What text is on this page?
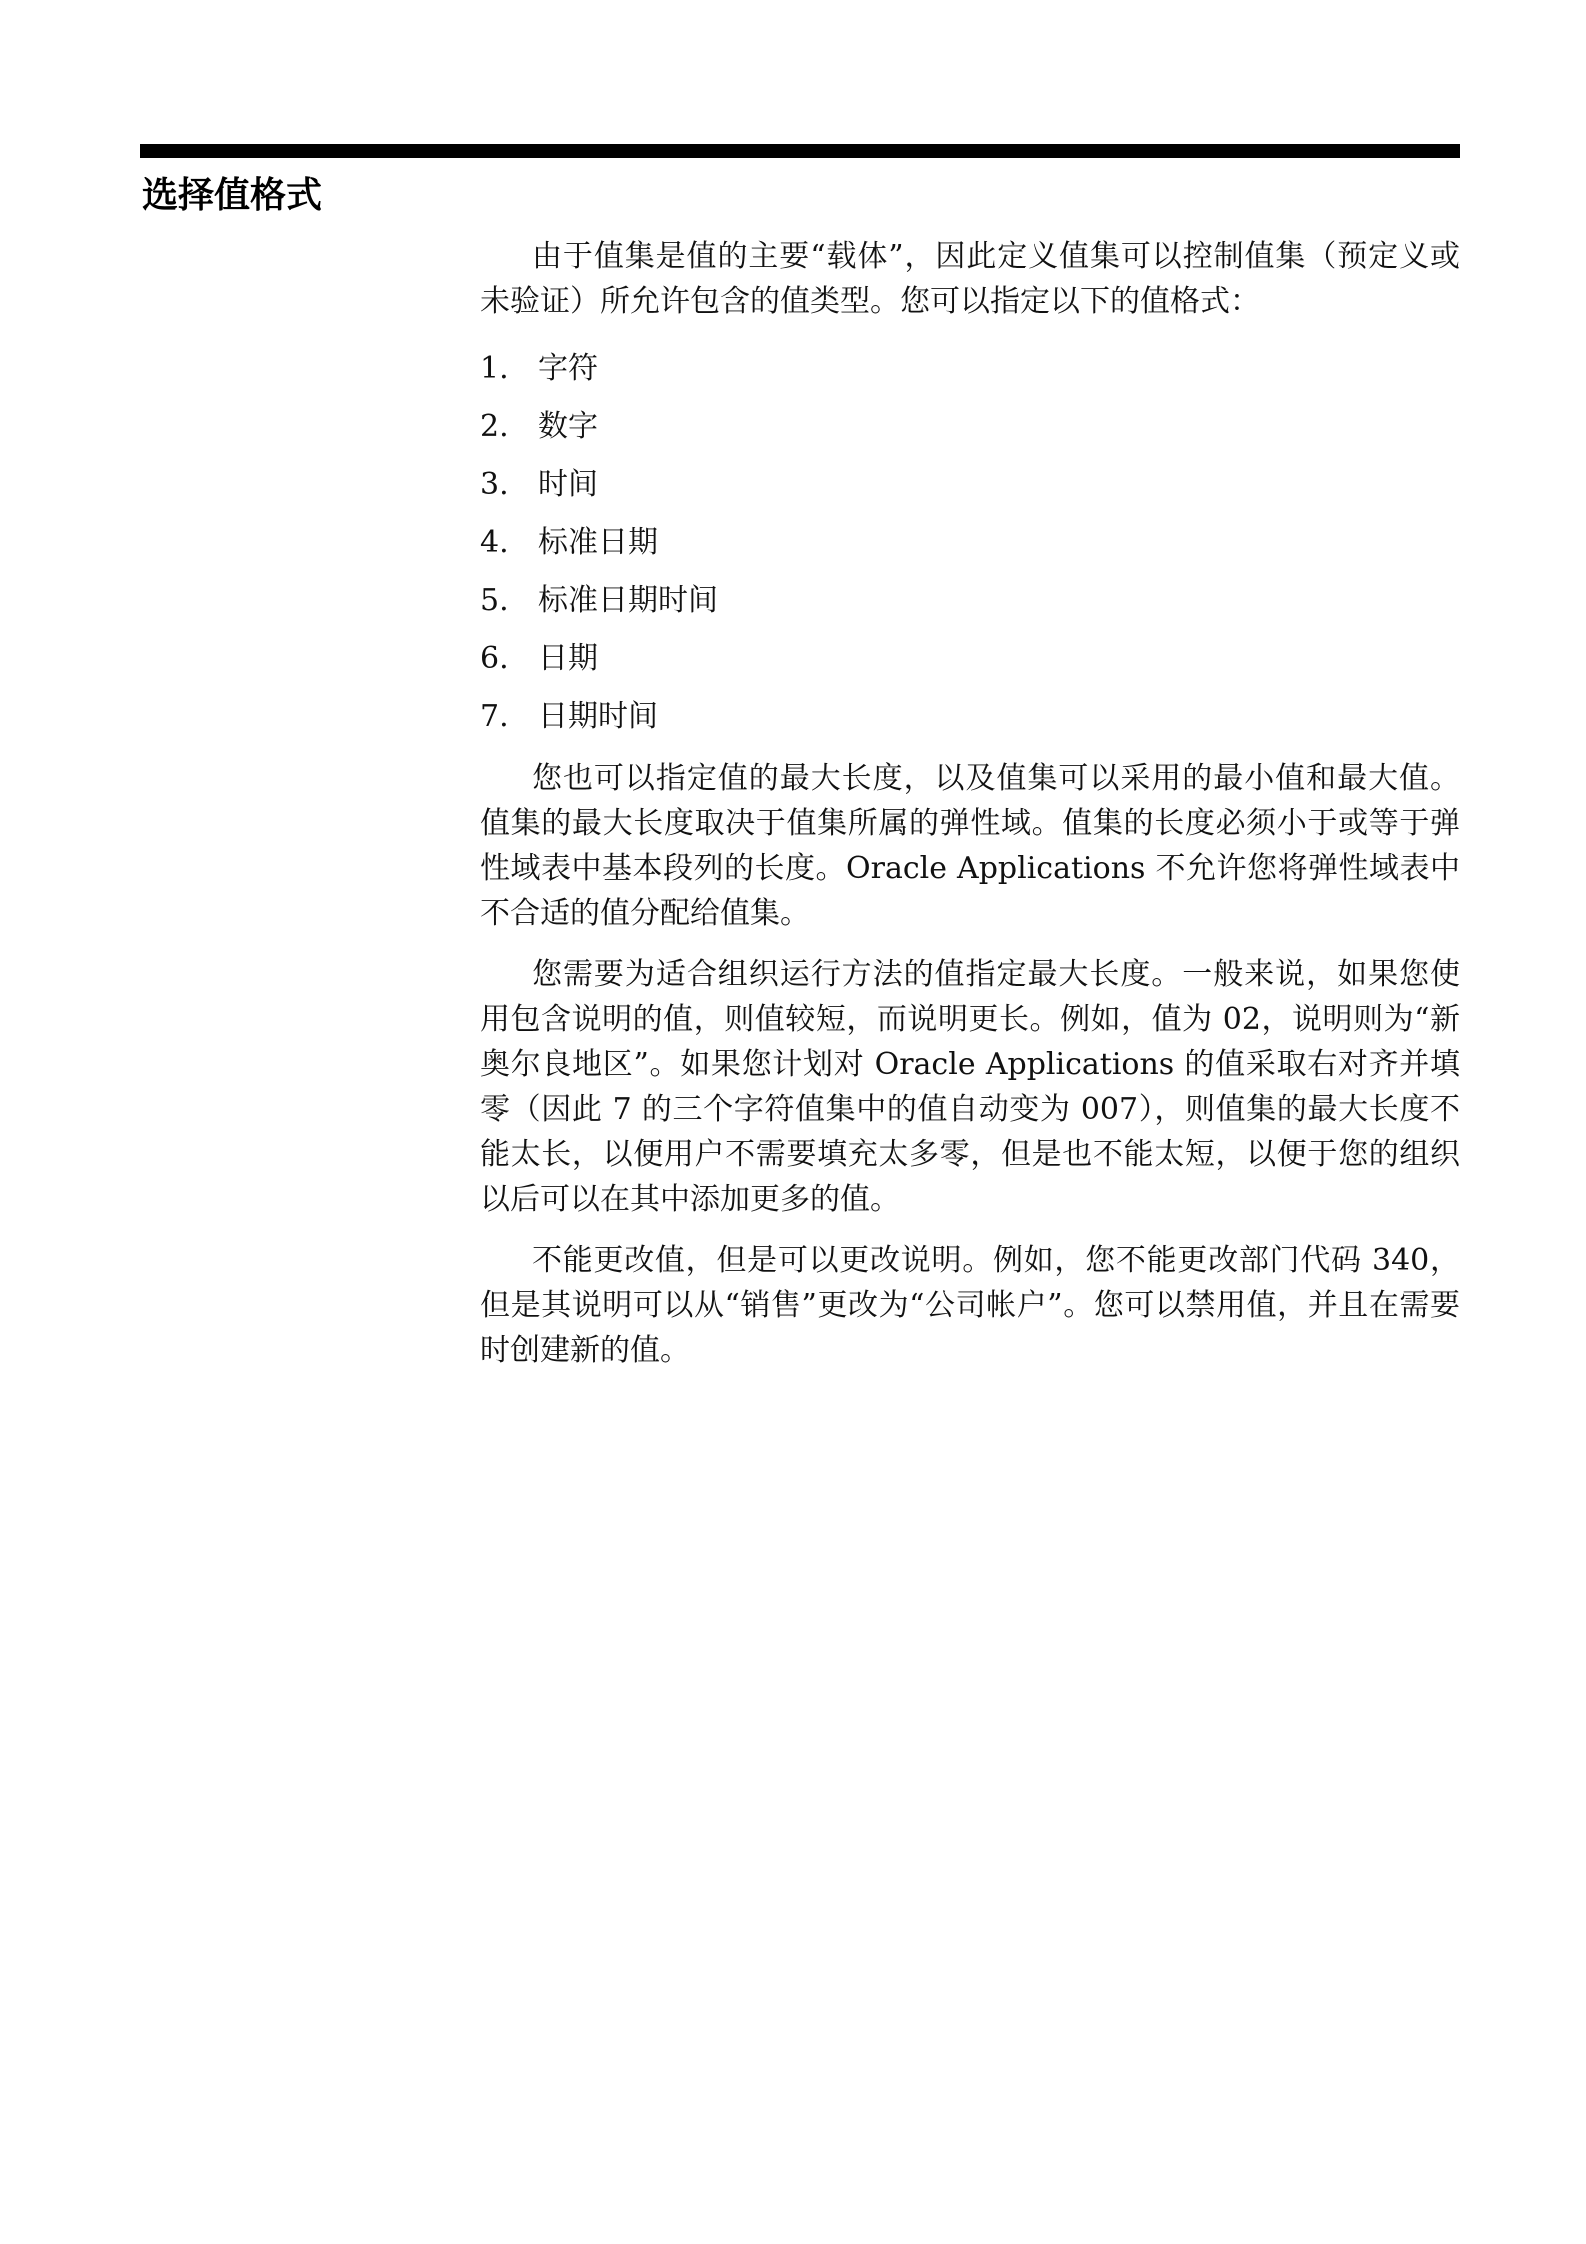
选择值格式

由于值集是值的主要“载体”，因此定义值集可以控制值集（预定义或未验证）所允许包含的值类型。您可以指定以下的值格式：

1. 字符
2. 数字
3. 时间
4. 标准日期
5. 标准日期时间
6. 日期
7. 日期时间

您也可以指定值的最大长度，以及值集可以采用的最小值和最大值。值集的最大长度取决于值集所属的弹性域。值集的长度必须小于或等于弹性域表中基本段列的长度。Oracle Applications 不允许您将弹性域表中不合适的值分配给值集。

您需要为适合组织运行方法的值指定最大长度。一般来说，如果您使用包含说明的值，则值较短，而说明更长。例如，值为 02，说明则为“新奥尔良地区”。如果您计划对 Oracle Applications 的值采取右对齐并填零（因此 7 的三个字符值集中的值自动变为 007），则值集的最大长度不能太长，以便用户不需要填充太多零，但是也不能太短，以便于您的组织以后可以在其中添加更多的值。

不能更改值，但是可以更改说明。例如，您不能更改部门代码 340，但是其说明可以从“销售”更改为“公司帐户”。您可以禁用值，并且在需要时创建新的值。
